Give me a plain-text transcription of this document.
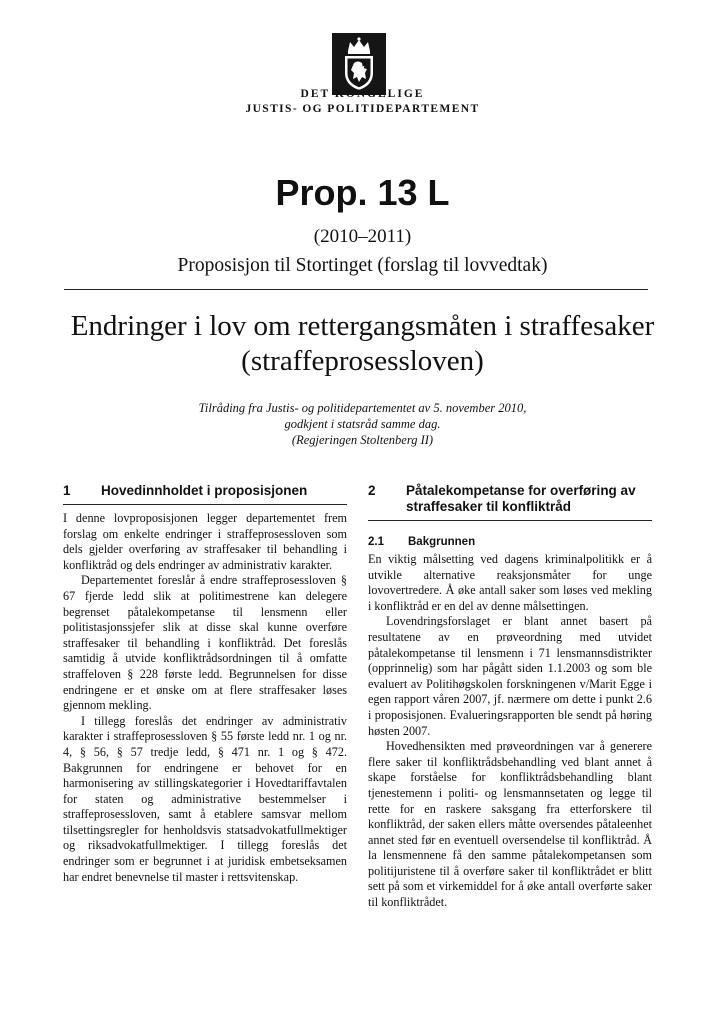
DET KONGELIGE
JUSTIS- OG POLITIDEPARTEMENT
Prop. 13 L
(2010–2011)
Proposisjon til Stortinget (forslag til lovvedtak)
Endringer i lov om rettergangsmåten i straffesaker (straffeprosessloven)
Tilråding fra Justis- og politidepartementet av 5. november 2010,
godkjent i statsråd samme dag.
(Regjeringen Stoltenberg II)
1	Hovedinnholdet i proposisjonen

I denne lovproposisjonen legger departementet frem forslag om enkelte endringer i straffeprosessloven som dels gjelder overføring av straffesaker til behandling i konfliktråd og dels endringer av administrativ karakter.

Departementet foreslår å endre straffeprosessloven § 67 fjerde ledd slik at politimestrene kan delegere begrenset påtalekompetanse til lensmenn eller politistasjonssjefer slik at disse skal kunne overføre straffesaker til behandling i konfliktråd. Det foreslås samtidig å utvide konfliktrådsordningen til å omfatte straffeloven § 228 første ledd. Begrunnelsen for disse endringene er et ønske om at flere straffesaker løses gjennom mekling.

I tillegg foreslås det endringer av administrativ karakter i straffeprosessloven § 55 første ledd nr. 1 og nr. 4, § 56, § 57 tredje ledd, § 471 nr. 1 og § 472. Bakgrunnen for endringene er behovet for en harmonisering av stillingskategorier i Hovedtariffavtalen for staten og administrative bestemmelser i straffeprosessloven, samt å etablere samsvar mellom tilsettingsregler for henholdsvis statsadvokatfullmektiger og riksadvokatfullmektiger. I tillegg foreslås det endringer som er begrunnet i at juridisk embetseksamen har endret benevnelse til master i rettsvitenskap.

2	Påtalekompetanse for overføring av straffesaker til konfliktråd
2.1	Bakgrunnen

En viktig målsetting ved dagens kriminalpolitikk er å utvikle alternative reaksjonsmåter for unge lovovertredere. Å øke antall saker som løses ved mekling i konfliktråd er en del av denne målsettingen.

Lovendringsforslaget er blant annet basert på resultatene av en prøveordning med utvidet påtalekompetanse til lensmenn i 71 lensmannsdistrikter (opprinnelig) som har pågått siden 1.1.2003 og som ble evaluert av Politihøgskolen forskningenen v/Marit Egge i egen rapport våren 2007, jf. nærmere om dette i punkt 2.6 i proposisjonen. Evalueringsrapporten ble sendt på høring høsten 2007.

Hovedhensikten med prøveordningen var å generere flere saker til konfliktrådsbehandling ved blant annet å skape forståelse for konfliktrådsbehandling blant tjenestemenn i politi- og lensmannsetaten og legge til rette for en raskere saksgang fra etterforskere til konfliktråd, der saken ellers måtte oversendes påtaleenhet annet sted før en eventuell oversendelse til konfliktråd. Å la lensmennene få den samme påtalekompetansen som politijuristene til å overføre saker til konfliktrådet er blitt sett på som et virkemiddel for å øke antall overførte saker til konfliktrådet.
